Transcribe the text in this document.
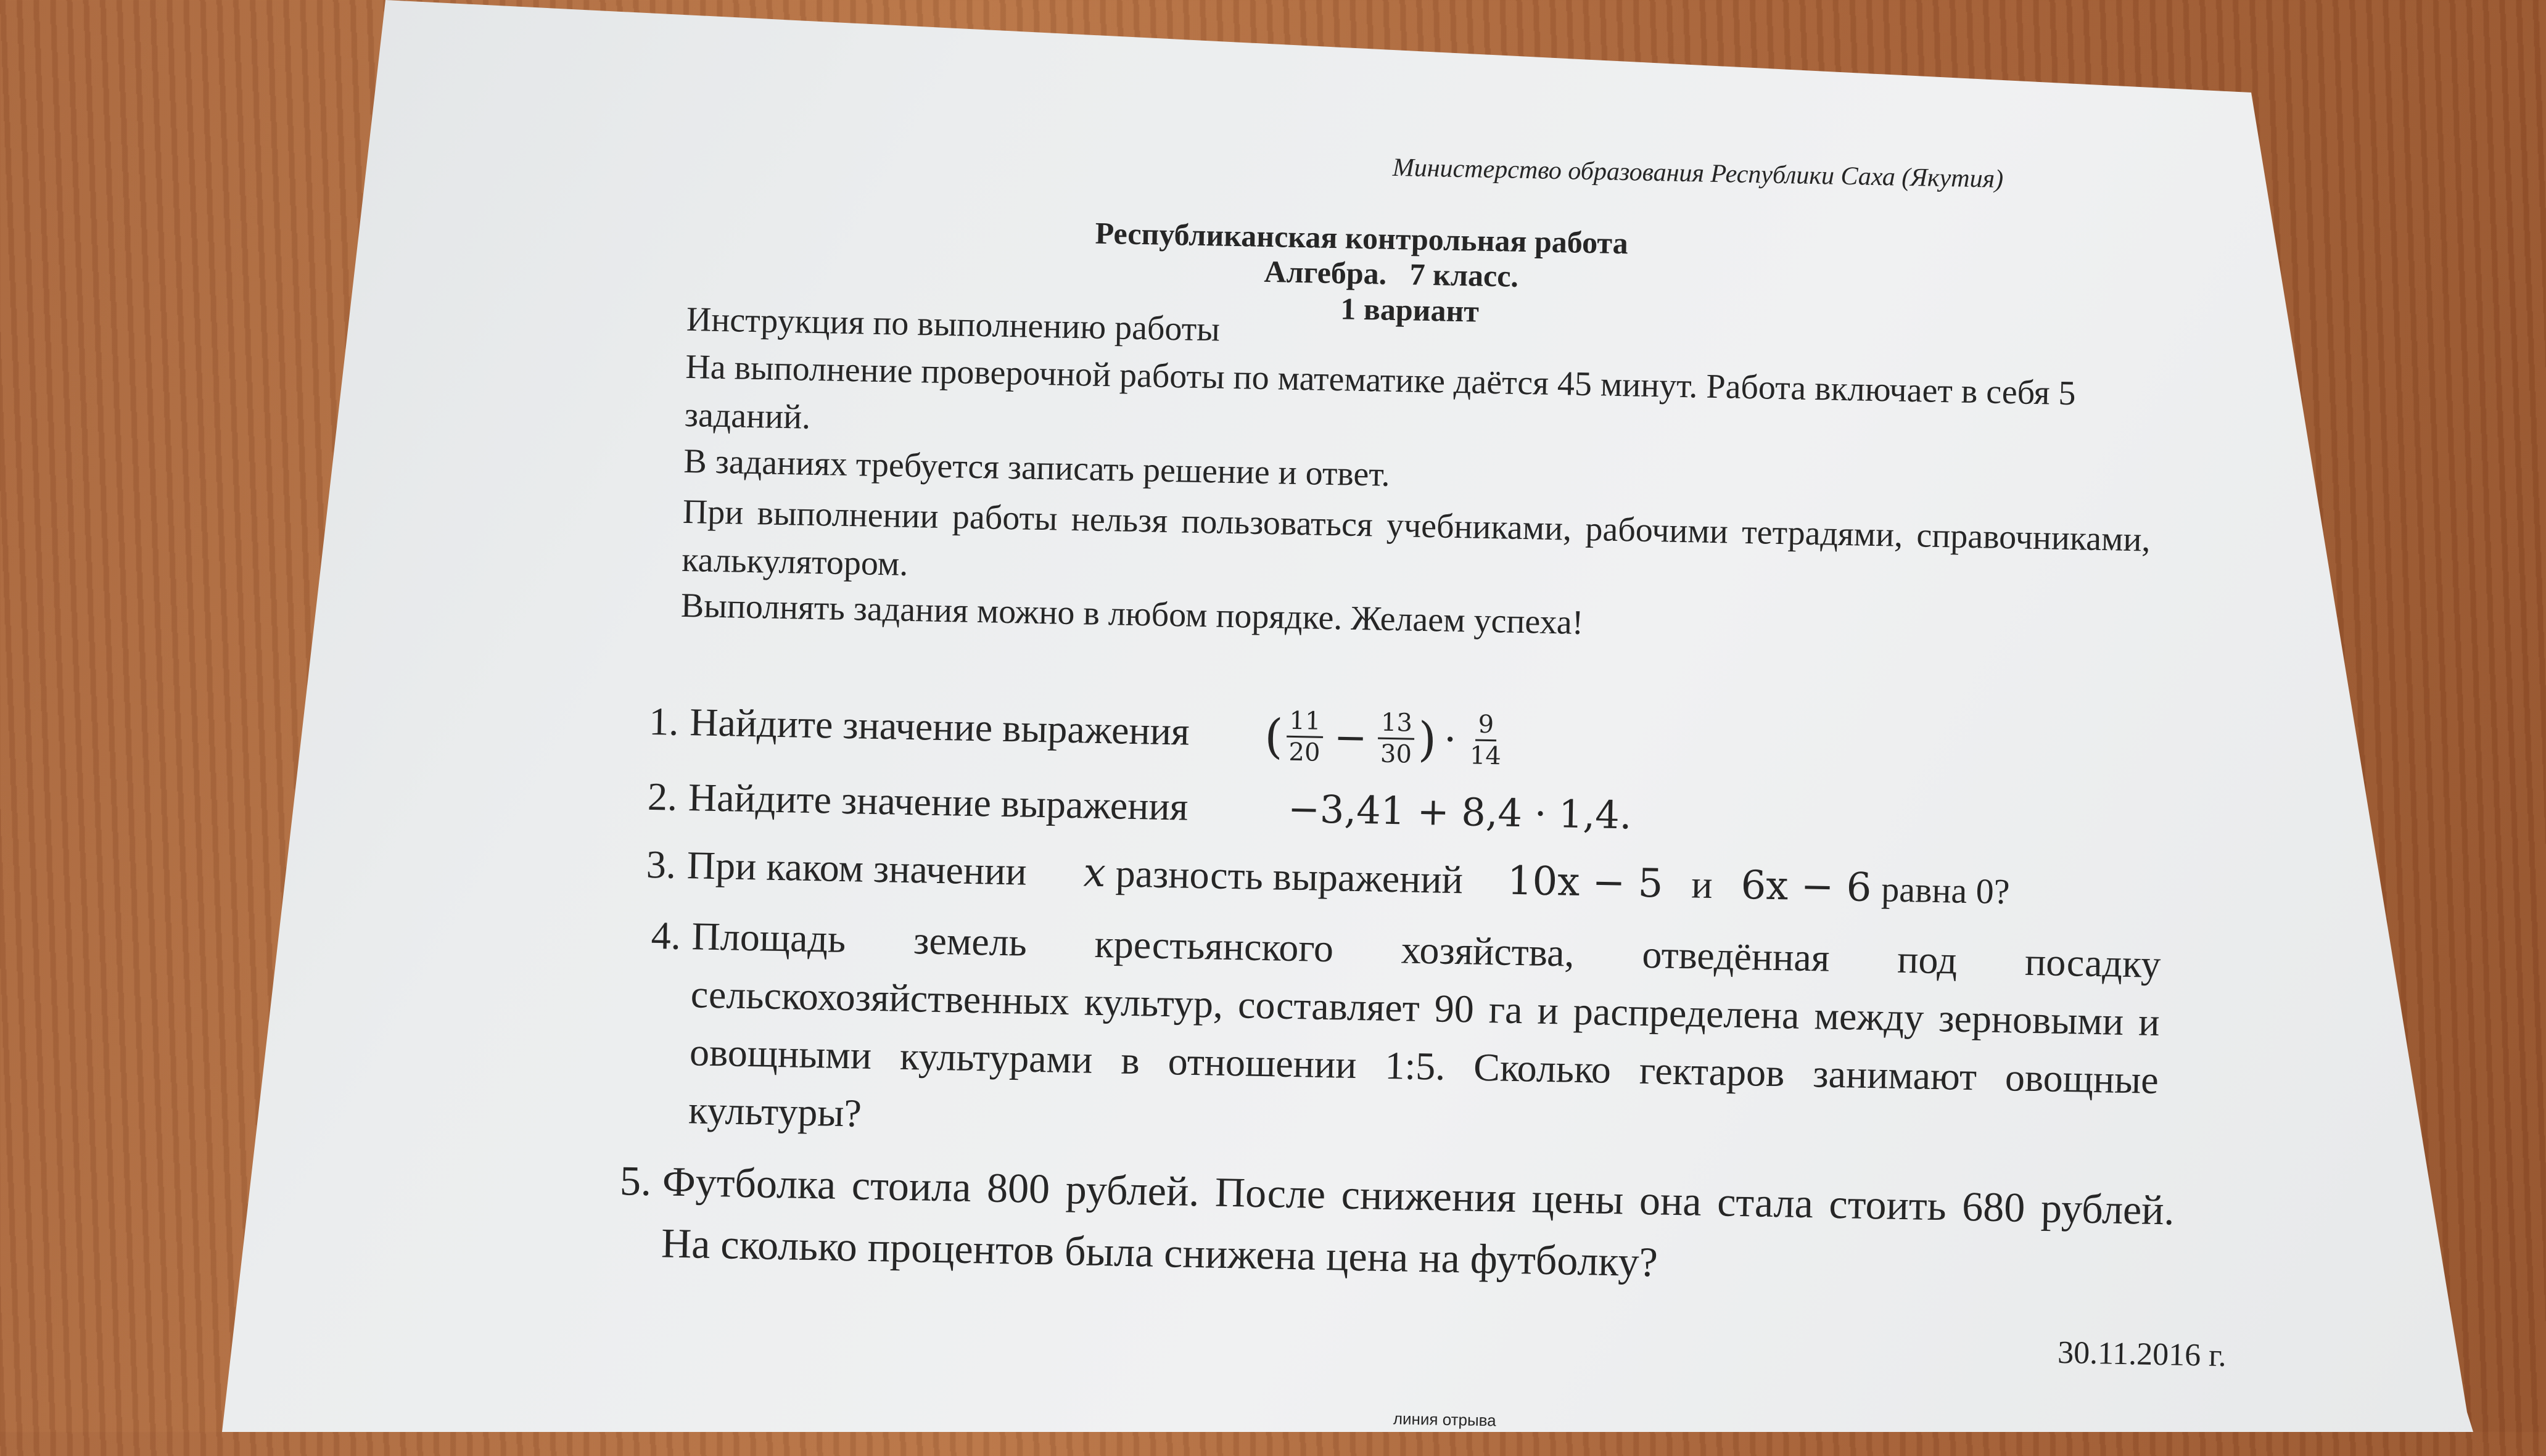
Министерство образования Республики Саха (Якутия)
Республиканская контрольная работа
Алгебра.   7 класс.
1 вариант
Инструкция по выполнению работы
На выполнение проверочной работы по математике даётся 45 минут. Работа включает в себя 5 заданий.
В заданиях требуется записать решение и ответ.
При выполнении работы нельзя пользоваться учебниками, рабочими тетрадями, справочниками, калькулятором.
Выполнять задания можно в любом порядке. Желаем успеха!
1. Найдите значение выражения ( $\frac{11}{20} - \frac{13}{30}$ ) · $\frac{9}{14}$
2. Найдите значение выражения	−3,41 + 8,4 · 1,4.
3. При каком значении x разность выражений 10x − 5 и 6x − 6 равна 0?
4. Площадь земель крестьянского хозяйства, отведённая под посадку сельскохозяйственных культур, составляет 90 га и распределена между зерновыми и овощными культурами в отношении 1:5. Сколько гектаров занимают овощные культуры?
5. Футболка стоила 800 рублей. После снижения цены она стала стоить 680 рублей. На сколько процентов была снижена цена на футболку?
30.11.2016 г.
линия отрыва
